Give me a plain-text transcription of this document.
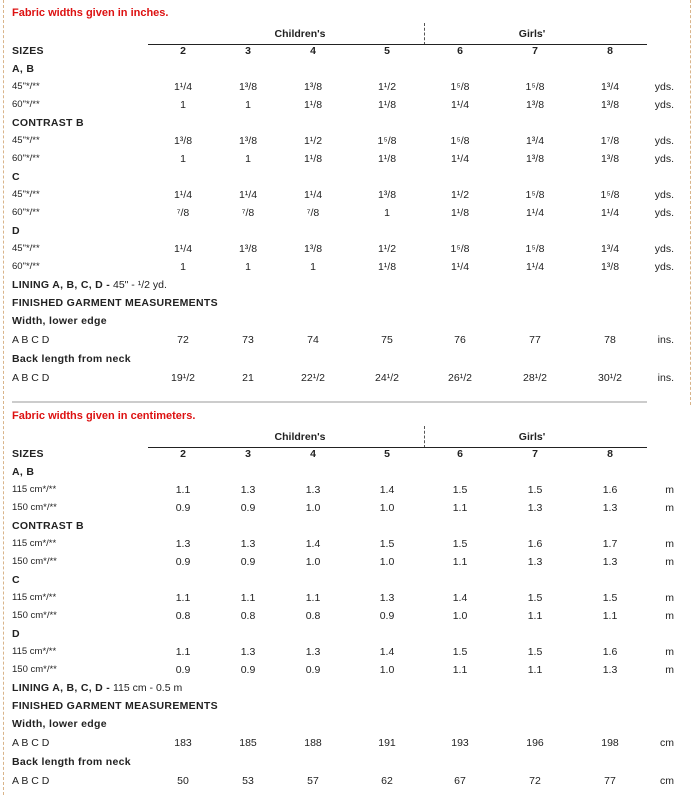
Fabric widths given in inches.
Children's	Girls'
SIZES	2	3	4	5	6	7	8
A, B
45"*/**	1¹/4	1³/8	1³/8	1¹/2	1⁵/8	1⁵/8	1³/4	yds.
60"*/**	1	1	1¹/8	1¹/8	1¹/4	1³/8	1³/8	yds.
CONTRAST B
45"*/**	1³/8	1³/8	1¹/2	1⁵/8	1⁵/8	1³/4	1⁷/8	yds.
60"*/**	1	1	1¹/8	1¹/8	1¹/4	1³/8	1³/8	yds.
C
45"*/**	1¹/4	1¹/4	1¹/4	1³/8	1¹/2	1⁵/8	1⁵/8	yds.
60"*/**	⁷/8	⁷/8	⁷/8	1	1¹/8	1¹/4	1¹/4	yds.
D
45"*/**	1¹/4	1³/8	1³/8	1¹/2	1⁵/8	1⁵/8	1³/4	yds.
60"*/**	1	1	1	1¹/8	1¹/4	1¹/4	1³/8	yds.
LINING A, B, C, D - 45" - ¹/2 yd.
FINISHED GARMENT MEASUREMENTS
Width, lower edge
A B C D	72	73	74	75	76	77	78	ins.
Back length from neck
A B C D	19¹/2	21	22¹/2	24¹/2	26¹/2	28¹/2	30¹/2	ins.
Fabric widths given in centimeters.
Children's	Girls'
SIZES	2	3	4	5	6	7	8
A, B
115 cm*/**	1.1	1.3	1.3	1.4	1.5	1.5	1.6	m
150 cm*/**	0.9	0.9	1.0	1.0	1.1	1.3	1.3	m
CONTRAST B
115 cm*/**	1.3	1.3	1.4	1.5	1.5	1.6	1.7	m
150 cm*/**	0.9	0.9	1.0	1.0	1.1	1.3	1.3	m
C
115 cm*/**	1.1	1.1	1.1	1.3	1.4	1.5	1.5	m
150 cm*/**	0.8	0.8	0.8	0.9	1.0	1.1	1.1	m
D
115 cm*/**	1.1	1.3	1.3	1.4	1.5	1.5	1.6	m
150 cm*/**	0.9	0.9	0.9	1.0	1.1	1.1	1.3	m
LINING A, B, C, D - 115 cm - 0.5 m
FINISHED GARMENT MEASUREMENTS
Width, lower edge
A B C D	183	185	188	191	193	196	198	cm
Back length from neck
A B C D	50	53	57	62	67	72	77	cm
